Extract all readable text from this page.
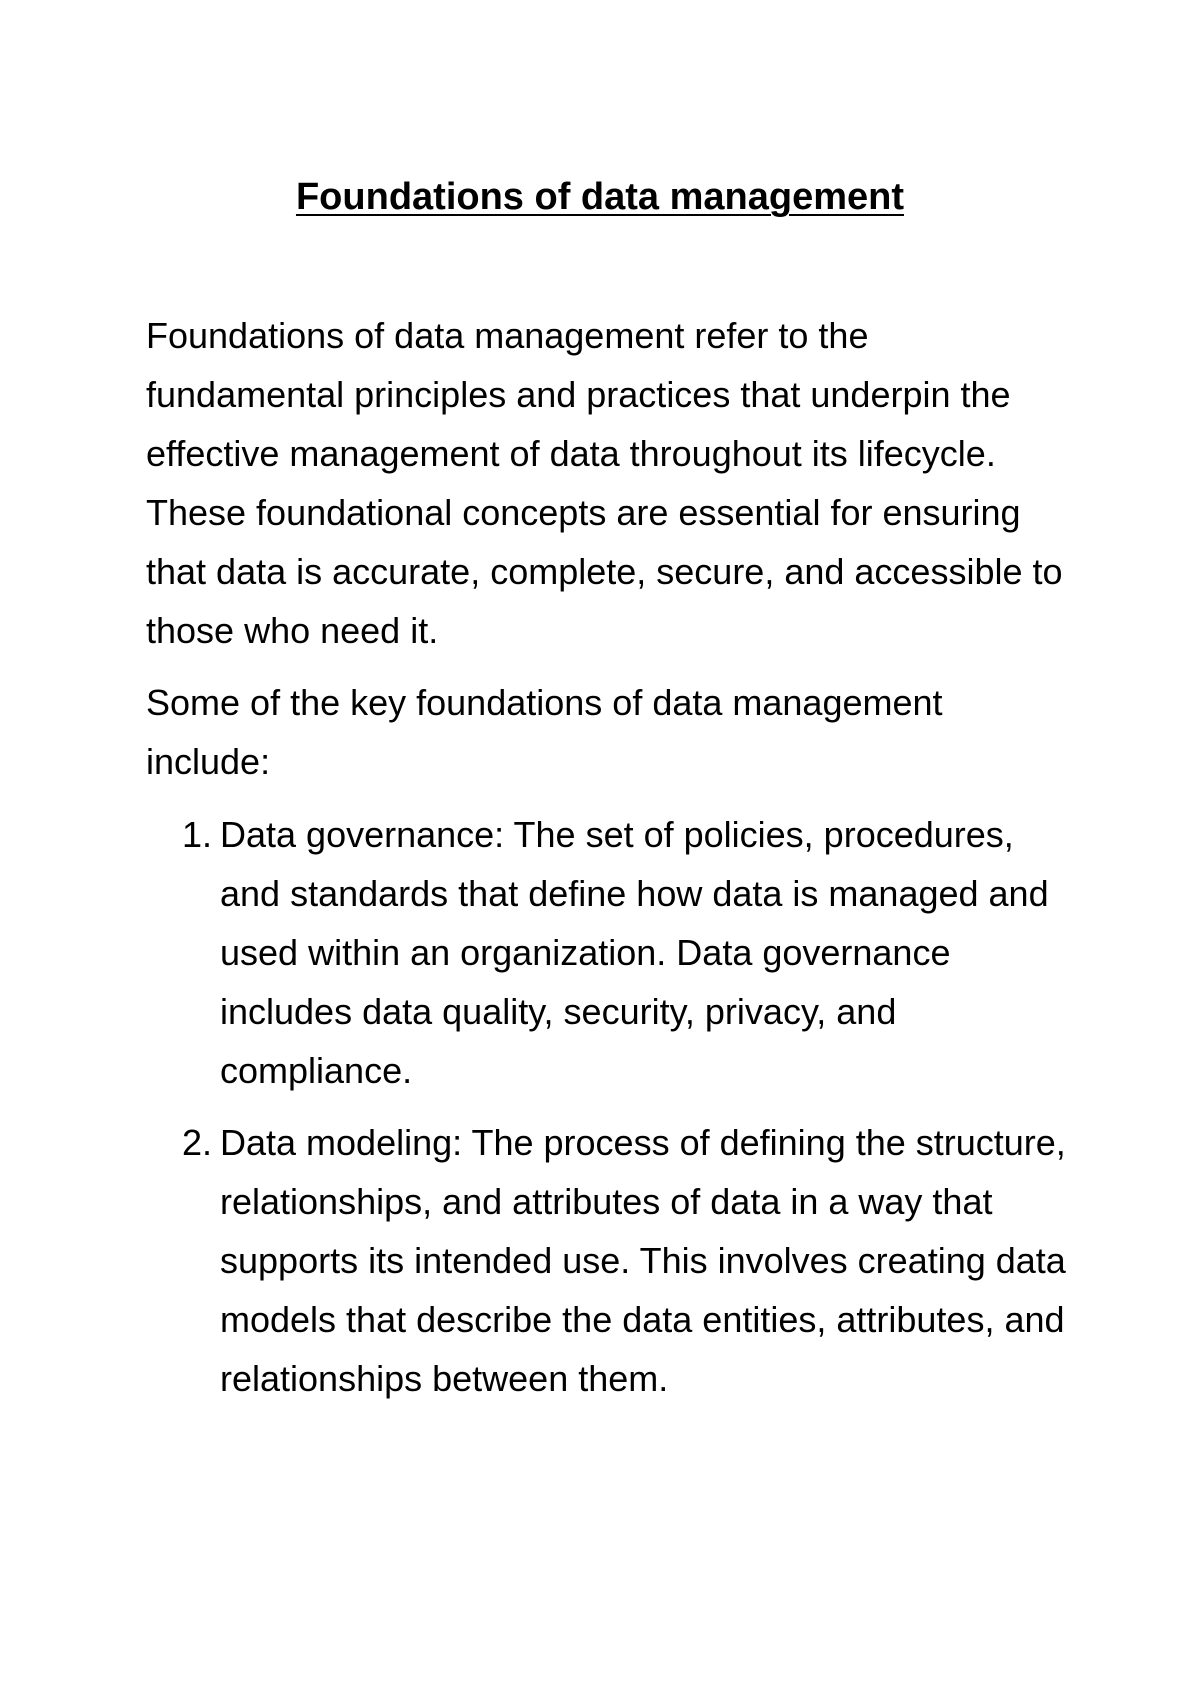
Foundations of data management

Foundations of data management refer to the fundamental principles and practices that underpin the effective management of data throughout its lifecycle. These foundational concepts are essential for ensuring that data is accurate, complete, secure, and accessible to those who need it.

Some of the key foundations of data management include:

1. Data governance: The set of policies, procedures, and standards that define how data is managed and used within an organization. Data governance includes data quality, security, privacy, and compliance.
2. Data modeling: The process of defining the structure, relationships, and attributes of data in a way that supports its intended use. This involves creating data models that describe the data entities, attributes, and relationships between them.
